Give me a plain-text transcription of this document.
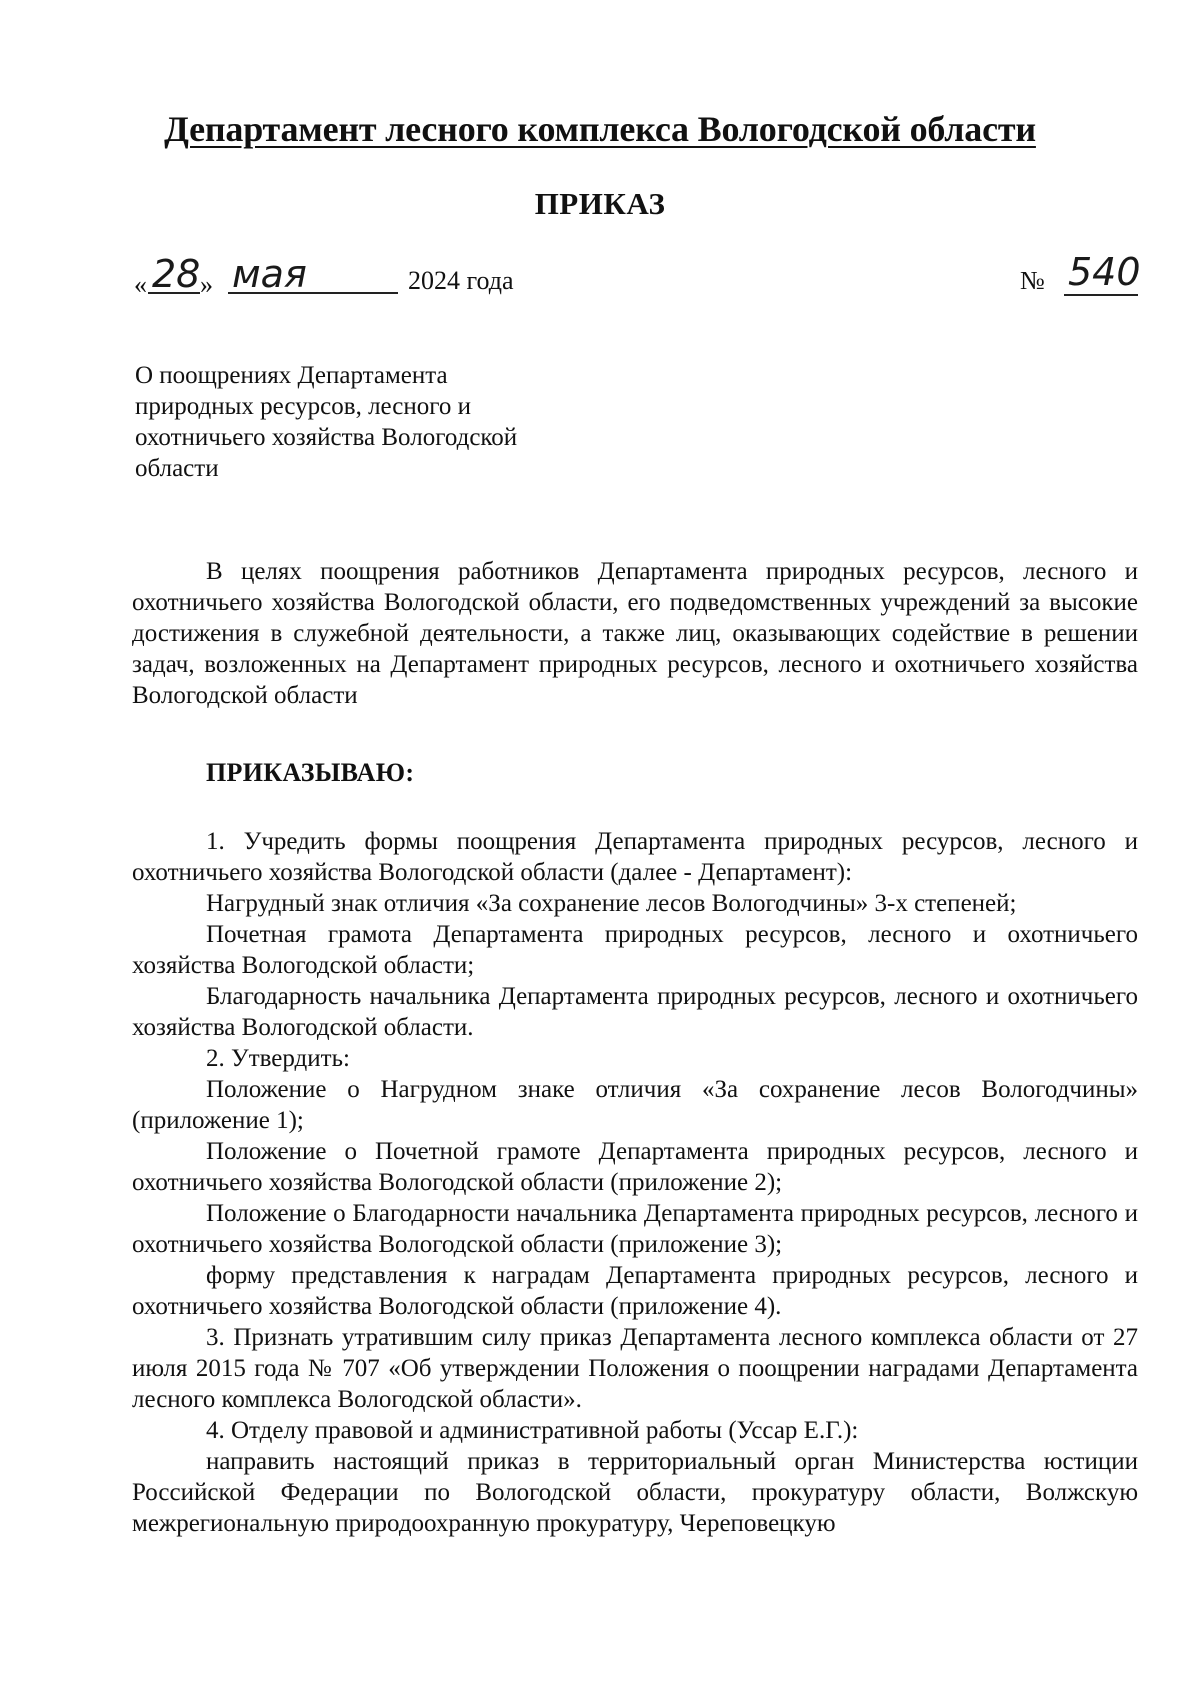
Департамент лесного комплекса Вологодской области
ПРИКАЗ
« 28 » мая	2024 года	№ 540
О поощрениях Департамента
природных ресурсов, лесного и
охотничьего хозяйства Вологодской
области

В целях поощрения работников Департамента природных ресурсов, лесного и охотничьего хозяйства Вологодской области, его подведомственных учреждений за высокие достижения в служебной деятельности, а также лиц, оказывающих содействие в решении задач, возложенных на Департамент природных ресурсов, лесного и охотничьего хозяйства Вологодской области

ПРИКАЗЫВАЮ:

1. Учредить формы поощрения Департамента природных ресурсов, лесного и охотничьего хозяйства Вологодской области (далее - Департамент):

Нагрудный знак отличия «За сохранение лесов Вологодчины» 3-х степеней;

Почетная грамота Департамента природных ресурсов, лесного и охотничьего хозяйства Вологодской области;

Благодарность начальника Департамента природных ресурсов, лесного и охотничьего хозяйства Вологодской области.

2. Утвердить:

Положение о Нагрудном знаке отличия «За сохранение лесов Вологодчины» (приложение 1);

Положение о Почетной грамоте Департамента природных ресурсов, лесного и охотничьего хозяйства Вологодской области (приложение 2);

Положение о Благодарности начальника Департамента природных ресурсов, лесного и охотничьего хозяйства Вологодской области (приложение 3);

форму представления к наградам Департамента природных ресурсов, лесного и охотничьего хозяйства Вологодской области (приложение 4).

3. Признать утратившим силу приказ Департамента лесного комплекса области от 27 июля 2015 года № 707 «Об утверждении Положения о поощрении наградами Департамента лесного комплекса Вологодской области».

4. Отделу правовой и административной работы (Уссар Е.Г.):

направить настоящий приказ в территориальный орган Министерства юстиции Российской Федерации по Вологодской области, прокуратуру области, Волжскую межрегиональную природоохранную прокуратуру, Череповецкую
